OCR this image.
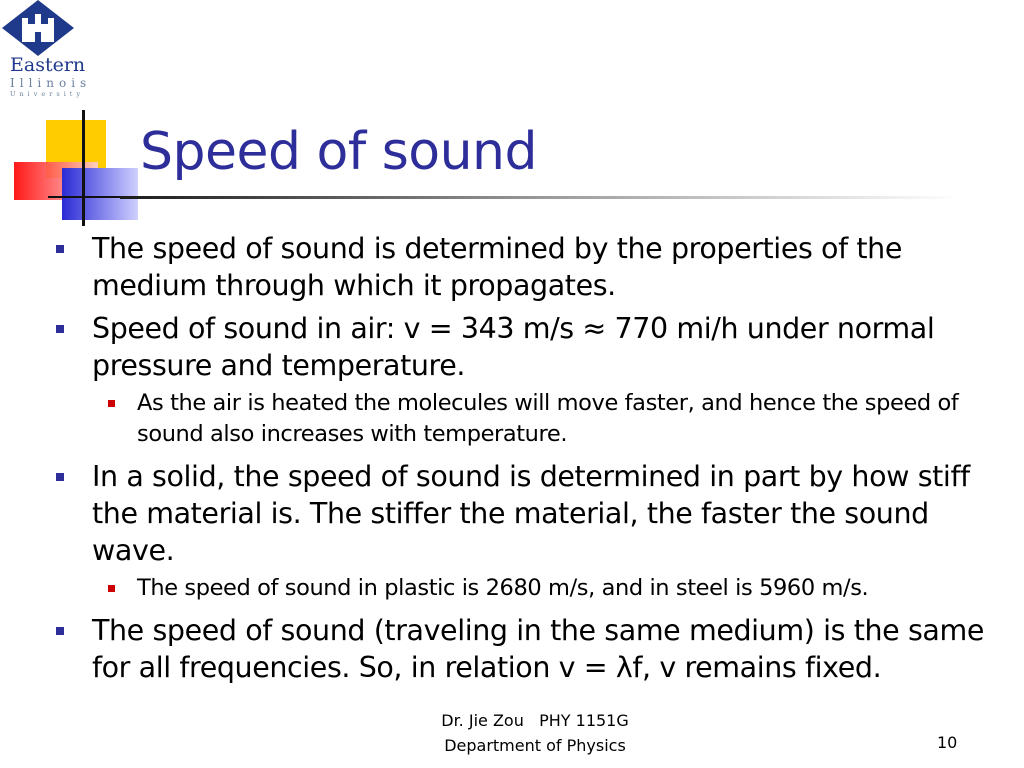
Eastern
Illinois
University
Speed of sound
The speed of sound is determined by the properties of the medium through which it propagates.
Speed of sound in air: v = 343 m/s ≈ 770 mi/h under normal pressure and temperature.
As the air is heated the molecules will move faster, and hence the speed of sound also increases with temperature.
In a solid, the speed of sound is determined in part by how stiff the material is. The stiffer the material, the faster the sound wave.
The speed of sound in plastic is 2680 m/s, and in steel is 5960 m/s.
The speed of sound (traveling in the same medium) is the same for all frequencies. So, in relation v = λf, v remains fixed.
Dr. Jie Zou   PHY 1151G
Department of Physics	10
